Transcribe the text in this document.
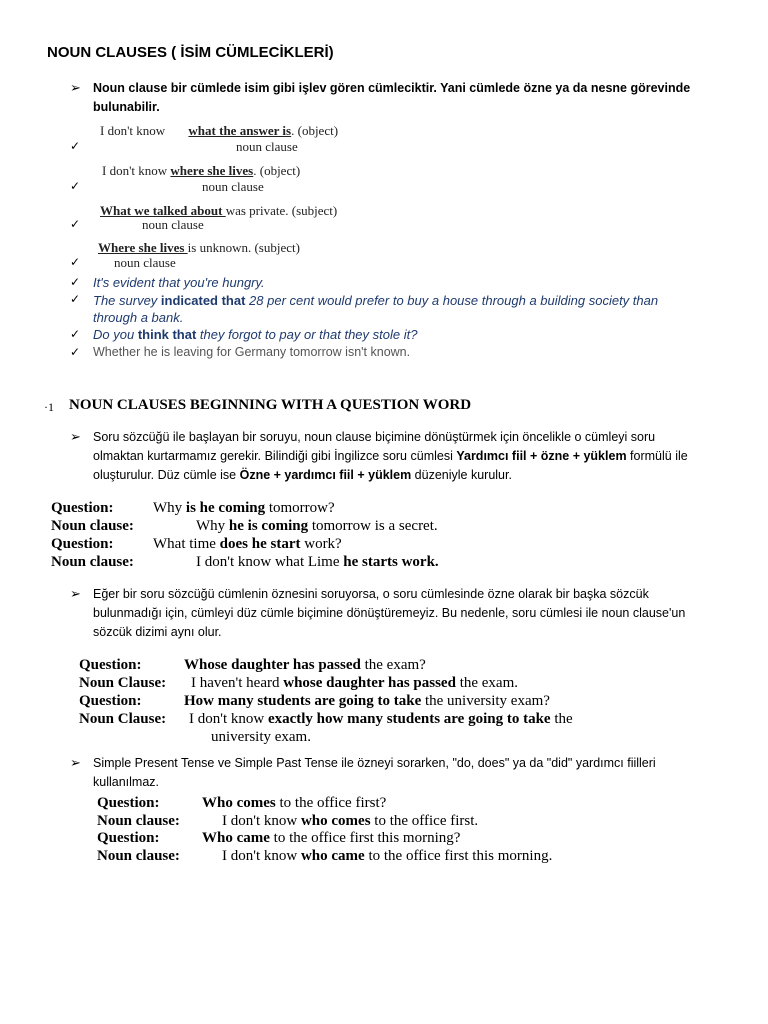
NOUN CLAUSES ( İSİM CÜMLECİKLERİ)
➢ Noun clause bir cümlede isim gibi işlev gören cümleciktir. Yani cümlede özne ya da nesne görevinde
bulunabilir.
I don't know what the answer is. (object)
noun clause
✓
I don't know where she lives. (object)
noun clause
✓
What we talked about was private. (subject)
noun clause
✓
Where she lives is unknown. (subject)
noun clause
✓
✓ It's evident that you're hungry.
✓ The survey indicated that 28 per cent would prefer to buy a house through a building society than
through a bank.
✓ Do you think that they forgot to pay or that they stole it?
✓ Whether he is leaving for Germany tomorrow isn't known.
·1 NOUN CLAUSES BEGINNING WITH A QUESTION WORD
➢ Soru sözcüğü ile başlayan bir soruyu, noun clause biçimine dönüştürmek için öncelikle o cümleyi soru
olmaktan kurtarmamız gerekir. Bilindiği gibi İngilizce soru cümlesi Yardımcı fiil + özne + yüklem formülü ile
oluşturulur. Düz cümle ise Özne + yardımcı fiil + yüklem düzeniyle kurulur.
Question:	Why is he coming tomorrow?
Noun clause:	Why he is coming tomorrow is a secret.
Question:	What time does he start work?
Noun clause:	I don't know what Lime he starts work.
➢ Eğer bir soru sözcüğü cümlenin öznesini soruyorsa, o soru cümlesinde özne olarak bir başka sözcük
bulunmadığı için, cümleyi düz cümle biçimine dönüştüremeyiz. Bu nedenle, soru cümlesi ile noun clause'un
sözcük dizimi aynı olur.
Question:	Whose daughter has passed the exam?
Noun Clause: I haven't heard whose daughter has passed the exam.
Question:	How many students are going to take the university exam?
Noun Clause: I don't know exactly how many students are going to take the
university exam.
➢ Simple Present Tense ve Simple Past Tense ile özneyi sorarken, "do, does" ya da "did" yardımcı fiilleri
kullanılmaz.
Question:	Who comes to the office first?
Noun clause:	I don't know who comes to the office first.
Question:	Who came to the office first this morning?
Noun clause:	I don't know who came to the office first this morning.
